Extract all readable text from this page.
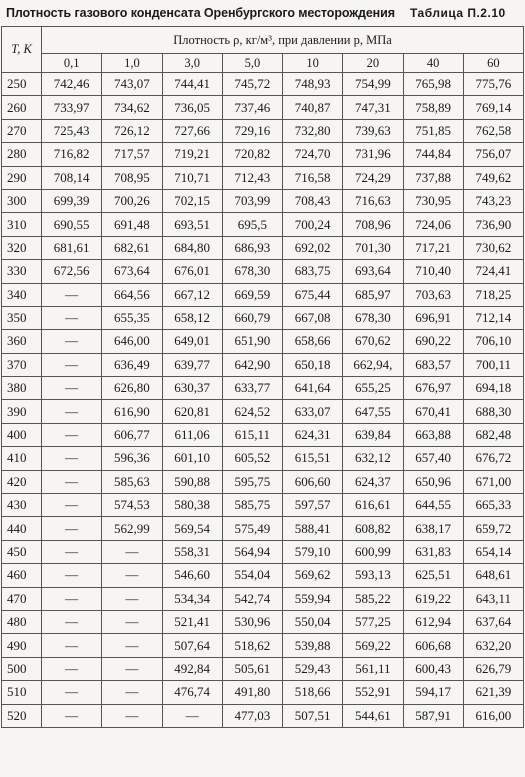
Плотность газового конденсата Оренбургского месторождения Таблица П.2.10
T, K	Плотность ρ, кг/м³, при давлении p, МПа							
	0,1	1,0	3,0	5,0	10	20	40	60
250	742,46	743,07	744,41	745,72	748,93	754,99	765,98	775,76
260	733,97	734,62	736,05	737,46	740,87	747,31	758,89	769,14
270	725,43	726,12	727,66	729,16	732,80	739,63	751,85	762,58
280	716,82	717,57	719,21	720,82	724,70	731,96	744,84	756,07
290	708,14	708,95	710,71	712,43	716,58	724,29	737,88	749,62
300	699,39	700,26	702,15	703,99	708,43	716,63	730,95	743,23
310	690,55	691,48	693,51	695,5	700,24	708,96	724,06	736,90
320	681,61	682,61	684,80	686,93	692,02	701,30	717,21	730,62
330	672,56	673,64	676,01	678,30	683,75	693,64	710,40	724,41
340	—	664,56	667,12	669,59	675,44	685,97	703,63	718,25
350	—	655,35	658,12	660,79	667,08	678,30	696,91	712,14
360	—	646,00	649,01	651,90	658,66	670,62	690,22	706,10
370	—	636,49	639,77	642,90	650,18	662,94,	683,57	700,11
380	—	626,80	630,37	633,77	641,64	655,25	676,97	694,18
390	—	616,90	620,81	624,52	633,07	647,55	670,41	688,30
400	—	606,77	611,06	615,11	624,31	639,84	663,88	682,48
410	—	596,36	601,10	605,52	615,51	632,12	657,40	676,72
420	—	585,63	590,88	595,75	606,60	624,37	650,96	671,00
430	—	574,53	580,38	585,75	597,57	616,61	644,55	665,33
440	—	562,99	569,54	575,49	588,41	608,82	638,17	659,72
450	—	—	558,31	564,94	579,10	600,99	631,83	654,14
460	—	—	546,60	554,04	569,62	593,13	625,51	648,61
470	—	—	534,34	542,74	559,94	585,22	619,22	643,11
480	—	—	521,41	530,96	550,04	577,25	612,94	637,64
490	—	—	507,64	518,62	539,88	569,22	606,68	632,20
500	—	—	492,84	505,61	529,43	561,11	600,43	626,79
510	—	—	476,74	491,80	518,66	552,91	594,17	621,39
520	—	—	—	477,03	507,51	544,61	587,91	616,00
